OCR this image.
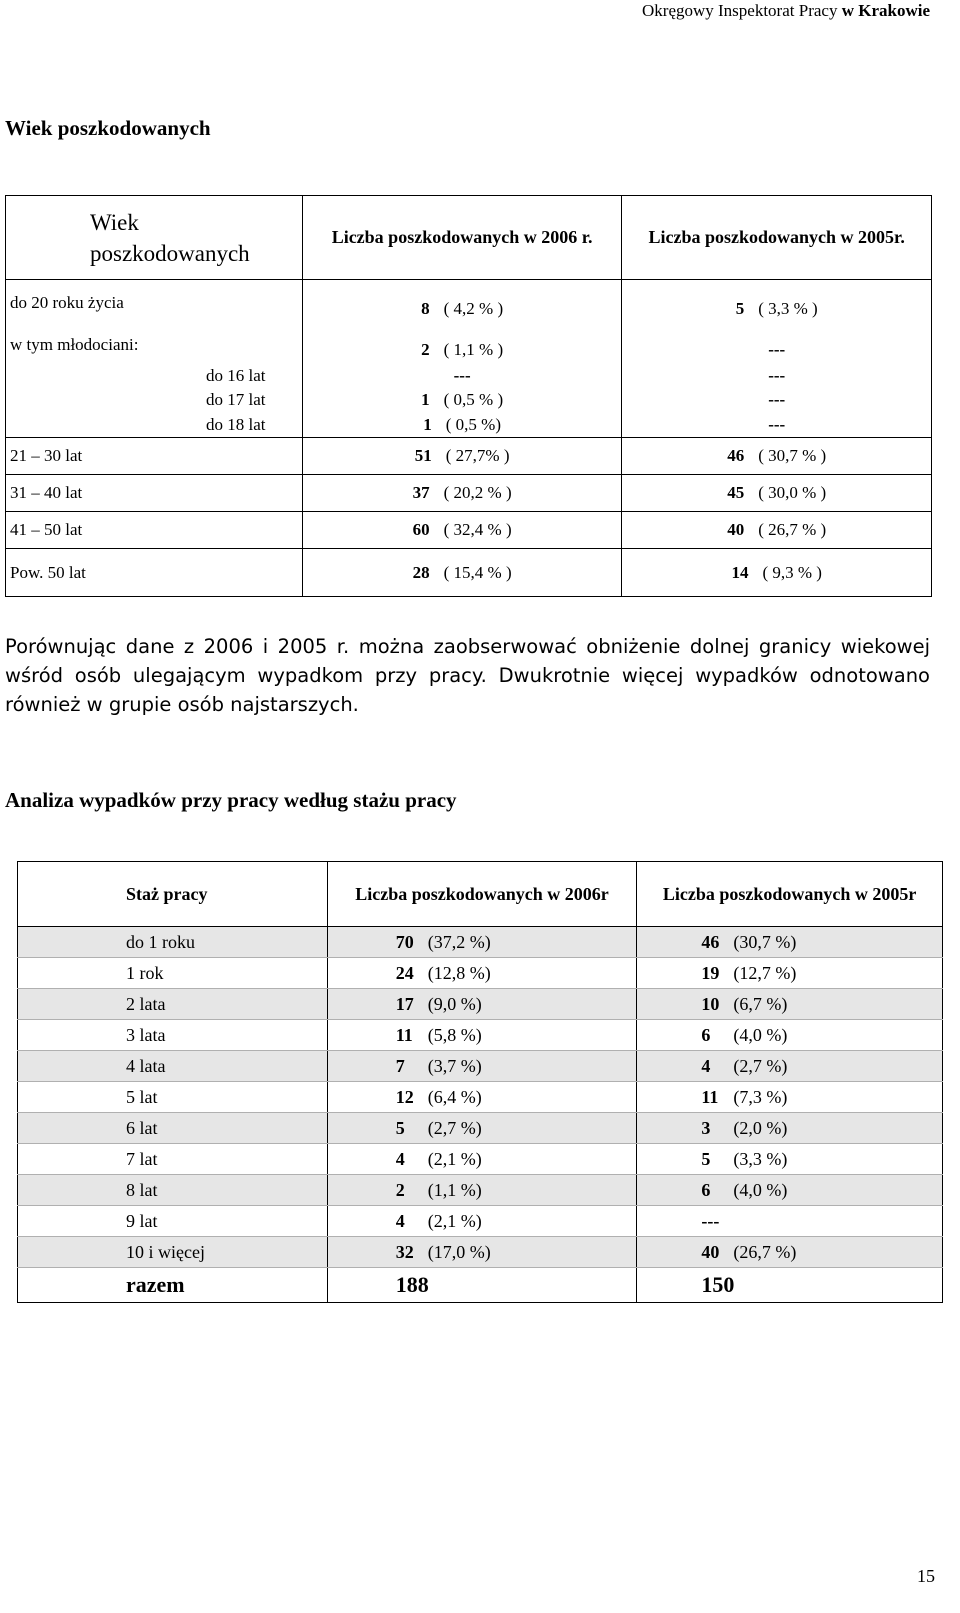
Okręgowy Inspektorat Pracy w Krakowie
Wiek poszkodowanych
Wiek poszkodowanych	Liczba poszkodowanych w 2006 r.	Liczba poszkodowanych w 2005r.
do 20 roku życia	8 ( 4,2 % )	5 ( 3,3 % )
w tym młodociani:	2 ( 1,1 % )	---
do 16 lat	---	---
do 17 lat	1 ( 0,5 % )	---
do 18 lat	1 ( 0,5 %)	---
21 – 30 lat	51 ( 27,7% )	46 ( 30,7 % )
31 – 40 lat	37 ( 20,2 % )	45 ( 30,0 % )
41 – 50 lat	60 ( 32,4 % )	40 ( 26,7 % )
Pow. 50 lat	28 ( 15,4 % )	14 ( 9,3 % )

Porównując dane z 2006 i 2005 r. można zaobserwować obniżenie dolnej granicy wiekowej wśród osób ulegającym wypadkom przy pracy. Dwukrotnie więcej wypadków odnotowano również w grupie osób najstarszych.

Analiza wypadków przy pracy według stażu pracy
Staż pracy	Liczba poszkodowanych w 2006r	Liczba poszkodowanych w 2005r
do 1 roku	70 (37,2 %)	46 (30,7 %)
1 rok	24 (12,8 %)	19 (12,7 %)
2 lata	17 (9,0 %)	10 (6,7 %)
3 lata	11 (5,8 %)	6 (4,0 %)
4 lata	7 (3,7 %)	4 (2,7 %)
5 lat	12 (6,4 %)	11 (7,3 %)
6 lat	5 (2,7 %)	3 (2,0 %)
7 lat	4 (2,1 %)	5 (3,3 %)
8 lat	2 (1,1 %)	6 (4,0 %)
9 lat	4 (2,1 %)	---
10 i więcej	32 (17,0 %)	40 (26,7 %)
razem	188	150
15
